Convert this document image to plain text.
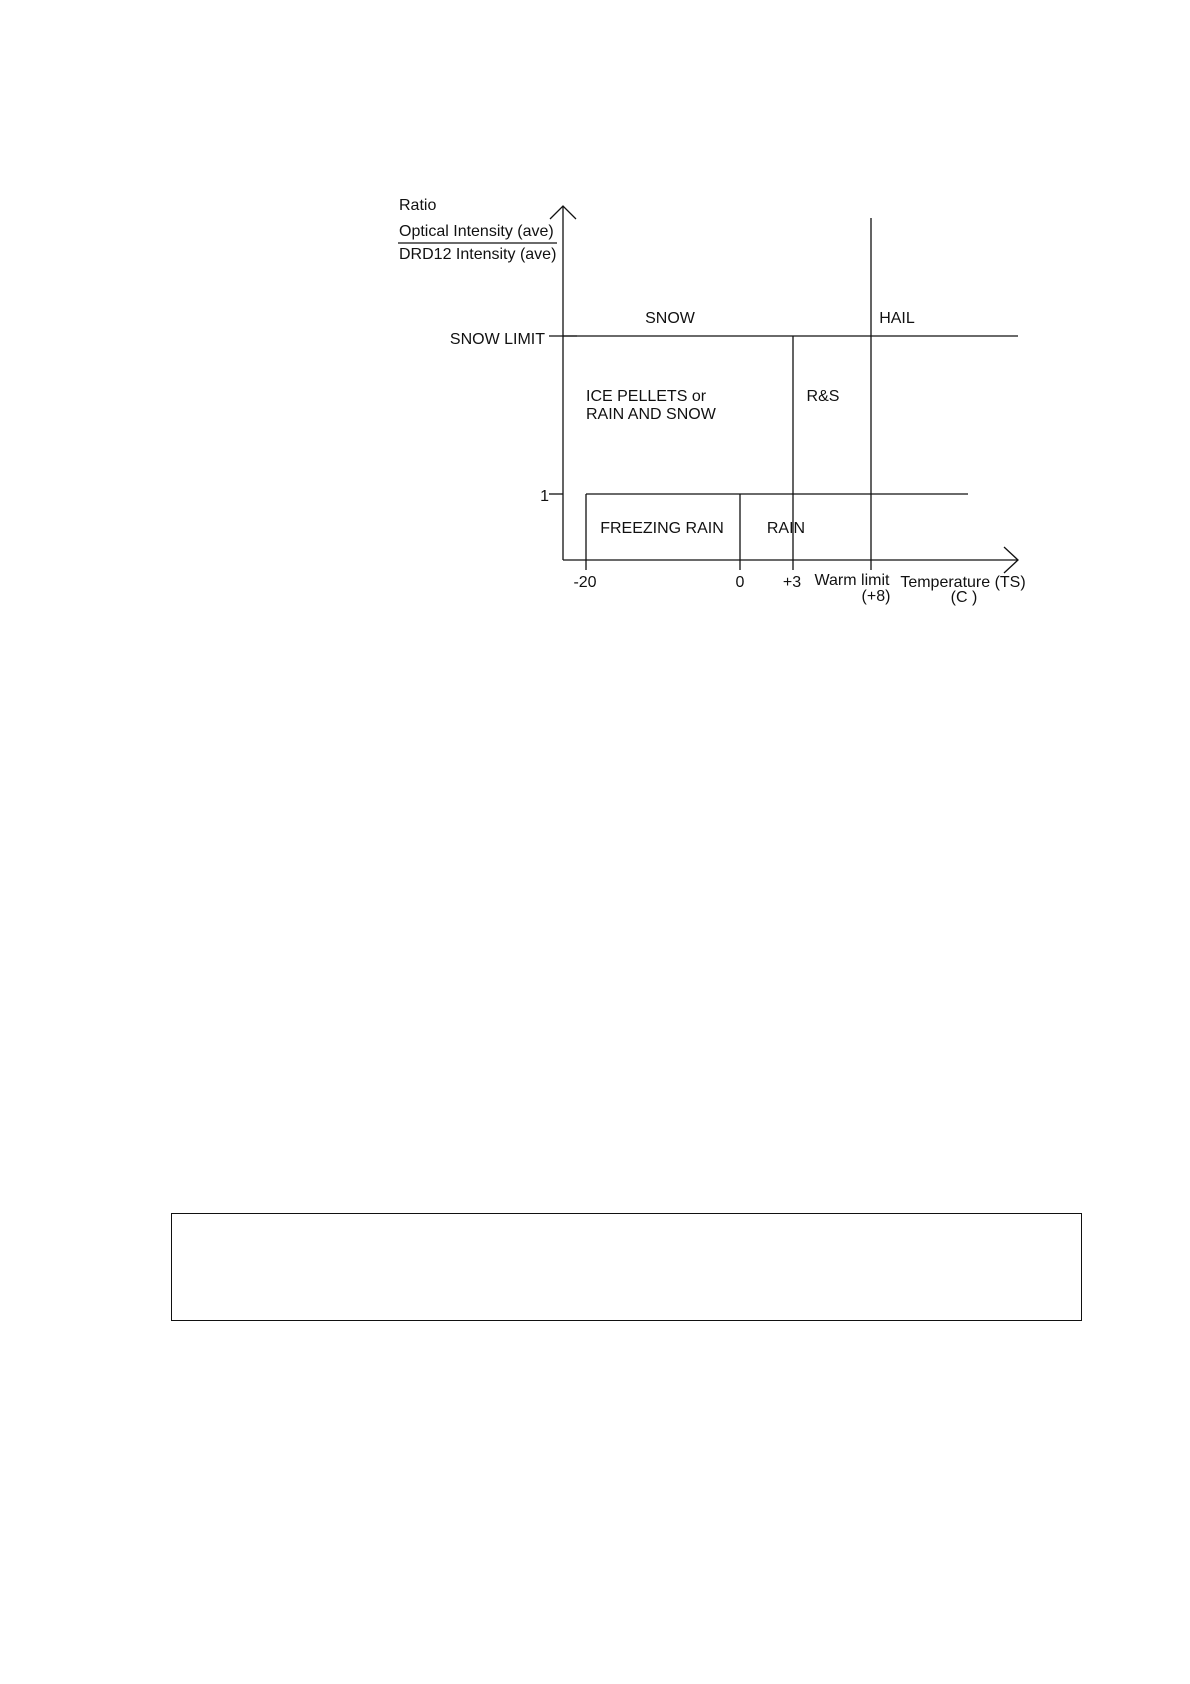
Ratio
Optical Intensity (ave)
DRD12 Intensity (ave)
SNOW LIMIT
1
-20	0 +3 Warm limit
(+8)
Temperature (TS)
(C )
SNOW	HAIL
ICE PELLETS or
RAIN AND SNOW
R&S
FREEZING RAIN	RAIN
